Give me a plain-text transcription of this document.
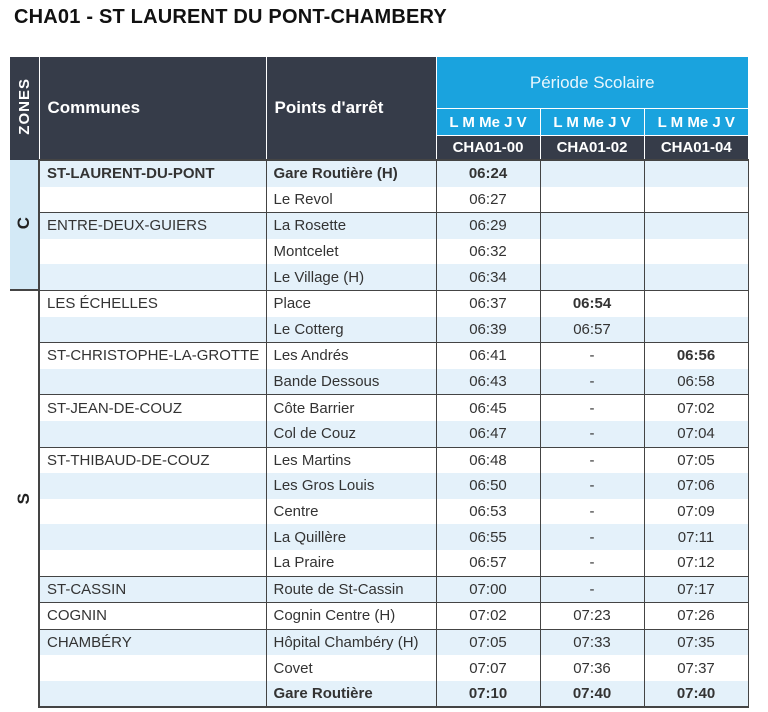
CHA01 - ST LAURENT DU PONT-CHAMBERY
ZONES	Communes	Points d'arrêt	Période Scolaire		
			L M Me J V	L M Me J V	L M Me J V
			CHA01-00	CHA01-02	CHA01-04
C	ST-LAURENT-DU-PONT	Gare Routière (H)	06:24		
		Le Revol	06:27		
	ENTRE-DEUX-GUIERS	La Rosette	06:29		
		Montcelet	06:32		
		Le Village (H)	06:34		
S	LES ÉCHELLES	Place	06:37	06:54	
		Le Cotterg	06:39	06:57	
	ST-CHRISTOPHE-LA-GROTTE	Les Andrés	06:41	-	06:56
		Bande Dessous	06:43	-	06:58
	ST-JEAN-DE-COUZ	Côte Barrier	06:45	-	07:02
		Col de Couz	06:47	-	07:04
	ST-THIBAUD-DE-COUZ	Les Martins	06:48	-	07:05
		Les Gros Louis	06:50	-	07:06
		Centre	06:53	-	07:09
		La Quillère	06:55	-	07:11
		La Praire	06:57	-	07:12
	ST-CASSIN	Route de St-Cassin	07:00	-	07:17
	COGNIN	Cognin Centre (H)	07:02	07:23	07:26
	CHAMBÉRY	Hôpital Chambéry (H)	07:05	07:33	07:35
		Covet	07:07	07:36	07:37
		Gare Routière	07:10	07:40	07:40
